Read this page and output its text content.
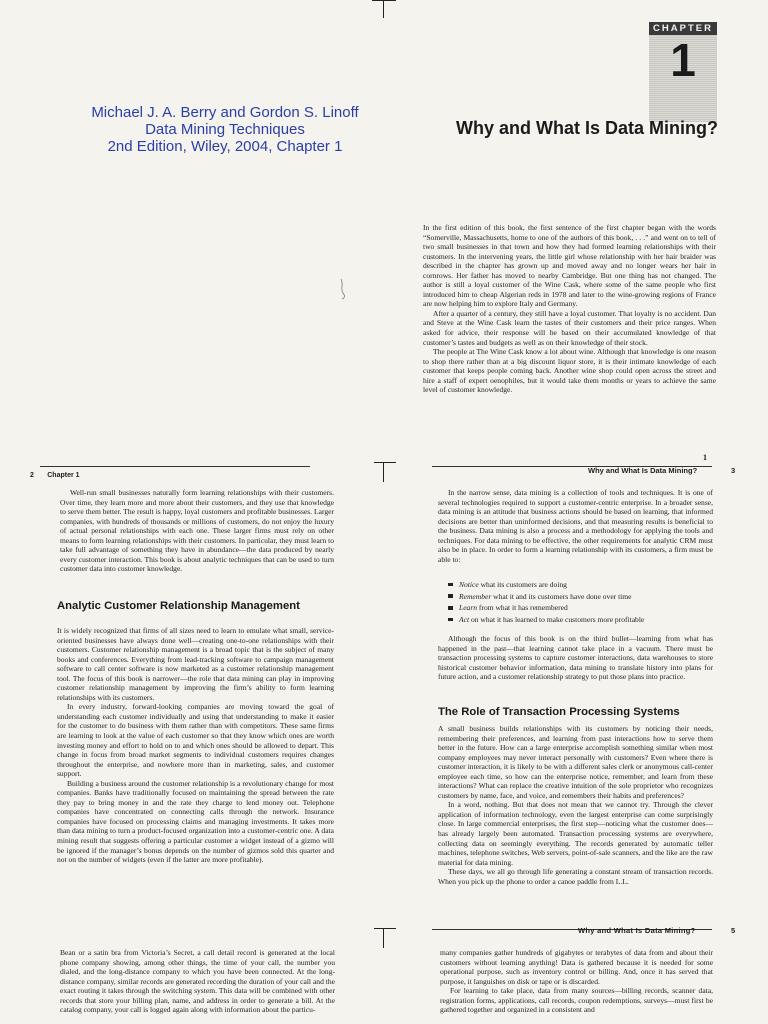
CHAPTER
1
Michael J. A. Berry and Gordon S. Linoff
Data Mining Techniques
2nd Edition, Wiley, 2004, Chapter 1
Why and What Is Data Mining?

In the first edition of this book, the first sentence of the first chapter began with the words “Somerville, Massachusetts, home to one of the authors of this book, . . .” and went on to tell of two small businesses in that town and how they had formed learning relationships with their customers. In the intervening years, the little girl whose relationship with her hair braider was described in the chapter has grown up and moved away and no longer wears her hair in cornrows. Her father has moved to nearby Cambridge. But one thing has not changed. The author is still a loyal customer of the Wine Cask, where some of the same people who first introduced him to cheap Algerian reds in 1978 and later to the wine-growing regions of France are now helping him to explore Italy and Germany.

After a quarter of a century, they still have a loyal customer. That loyalty is no accident. Dan and Steve at the Wine Cask learn the tastes of their customers and their price ranges. When asked for advice, their response will be based on their accumulated knowledge of that customer’s tastes and budgets as well as on their knowledge of their stock.

The people at The Wine Cask know a lot about wine. Although that knowledge is one reason to shop there rather than at a big discount liquor store, it is their intimate knowledge of each customer that keeps people coming back. Another wine shop could open across the street and hire a staff of expert oenophiles, but it would take them months or years to achieve the same level of customer knowledge.

1
2 Chapter 1

Well-run small businesses naturally form learning relationships with their customers. Over time, they learn more and more about their customers, and they use that knowledge to serve them better. The result is happy, loyal customers and profitable businesses. Larger companies, with hundreds of thousands or millions of customers, do not enjoy the luxury of actual personal relationships with each one. These larger firms must rely on other means to form learning relationships with their customers. In particular, they must learn to take full advantage of something they have in abundance—the data produced by nearly every customer interaction. This book is about analytic techniques that can be used to turn customer data into customer knowledge.

Analytic Customer Relationship Management

It is widely recognized that firms of all sizes need to learn to emulate what small, service-oriented businesses have always done well—creating one-to-one relationships with their customers. Customer relationship management is a broad topic that is the subject of many books and conferences. Everything from lead-tracking software to campaign management software to call center software is now marketed as a customer relationship management tool. The focus of this book is narrower—the role that data mining can play in improving customer relationship management by improving the firm’s ability to form learning relationships with its customers.

In every industry, forward-looking companies are moving toward the goal of understanding each customer individually and using that understanding to make it easier for the customer to do business with them rather than with competitors. These same firms are learning to look at the value of each customer so that they know which ones are worth investing money and effort to hold on to and which ones should be allowed to depart. This change in focus from broad market segments to individual customers requires changes throughout the enterprise, and nowhere more than in marketing, sales, and customer support.

Building a business around the customer relationship is a revolutionary change for most companies. Banks have traditionally focused on maintaining the spread between the rate they pay to bring money in and the rate they charge to lend money out. Telephone companies have concentrated on connecting calls through the network. Insurance companies have focused on processing claims and managing investments. It takes more than data mining to turn a product-focused organization into a customer-centric one. A data mining result that suggests offering a particular customer a widget instead of a gizmo will be ignored if the manager’s bonus depends on the number of gizmos sold this quarter and not on the number of widgets (even if the latter are more profitable).

Why and What Is Data Mining?	3

In the narrow sense, data mining is a collection of tools and techniques. It is one of several technologies required to support a customer-centric enterprise. In a broader sense, data mining is an attitude that business actions should be based on learning, that informed decisions are better than uninformed decisions, and that measuring results is beneficial to the business. Data mining is also a process and a methodology for applying the tools and techniques. For data mining to be effective, the other requirements for analytic CRM must also be in place. In order to form a learning relationship with its customers, a firm must be able to:

Notice what its customers are doing
Remember what it and its customers have done over time
Learn from what it has remembered
Act on what it has learned to make customers more profitable

Although the focus of this book is on the third bullet—learning from what has happened in the past—that learning cannot take place in a vacuum. There must be transaction processing systems to capture customer interactions, data warehouses to store historical customer behavior information, data mining to translate history into plans for future action, and a customer relationship strategy to put those plans into practice.

The Role of Transaction Processing Systems

A small business builds relationships with its customers by noticing their needs, remembering their preferences, and learning from past interactions how to serve them better in the future. How can a large enterprise accomplish something similar when most company employees may never interact personally with customers? Even where there is customer interaction, it is likely to be with a different sales clerk or anonymous call-center employee each time, so how can the enterprise notice, remember, and learn from these interactions? What can replace the creative intuition of the sole proprietor who recognizes customers by name, face, and voice, and remembers their habits and preferences?

In a word, nothing. But that does not mean that we cannot try. Through the clever application of information technology, even the largest enterprise can come surprisingly close. In large commercial enterprises, the first step—noticing what the customer does—has already largely been automated. Transaction processing systems are everywhere, collecting data on seemingly everything. The records generated by automatic teller machines, telephone switches, Web servers, point-of-sale scanners, and the like are the raw material for data mining.

These days, we all go through life generating a constant stream of transaction records. When you pick up the phone to order a canoe paddle from L.L.

Bean or a satin bra from Victoria’s Secret, a call detail record is generated at the local phone company showing, among other things, the time of your call, the number you dialed, and the long-distance company to which you have been connected. At the long-distance company, similar records are generated recording the duration of your call and the exact routing it takes through the switching system. This data will be combined with other records that store your billing plan, name, and address in order to generate a bill. At the catalog company, your call is logged again along with information about the particu-

Why and What Is Data Mining?	5

many companies gather hundreds of gigabytes or terabytes of data from and about their customers without learning anything! Data is gathered because it is needed for some operational purpose, such as inventory control or billing. And, once it has served that purpose, it languishes on disk or tape or is discarded.

For learning to take place, data from many sources—billing records, scanner data, registration forms, applications, call records, coupon redemptions, surveys—must first be gathered together and organized in a consistent and
